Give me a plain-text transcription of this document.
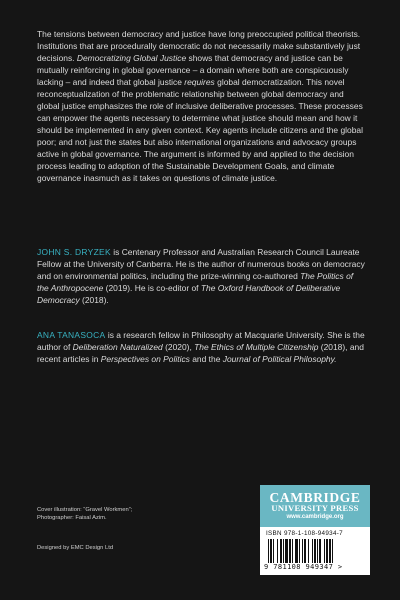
The tensions between democracy and justice have long preoccupied political theorists. Institutions that are procedurally democratic do not necessarily make substantively just decisions. Democratizing Global Justice shows that democracy and justice can be mutually reinforcing in global governance – a domain where both are conspicuously lacking – and indeed that global justice requires global democratization. This novel reconceptualization of the problematic relationship between global democracy and global justice emphasizes the role of inclusive deliberative processes. These processes can empower the agents necessary to determine what justice should mean and how it should be implemented in any given context. Key agents include citizens and the global poor; and not just the states but also international organizations and advocacy groups active in global governance. The argument is informed by and applied to the decision process leading to adoption of the Sustainable Development Goals, and climate governance inasmuch as it takes on questions of climate justice.

JOHN S. DRYZEK is Centenary Professor and Australian Research Council Laureate Fellow at the University of Canberra. He is the author of numerous books on democracy and on environmental politics, including the prize-winning co-authored The Politics of the Anthropocene (2019). He is co-editor of The Oxford Handbook of Deliberative Democracy (2018).

ANA TANASOCA is a research fellow in Philosophy at Macquarie University. She is the author of Deliberation Naturalized (2020), The Ethics of Multiple Citizenship (2018), and recent articles in Perspectives on Politics and the Journal of Political Philosophy.

Cover illustration: “Gravel Workmen”;
Photographer: Faisal Azim.
Designed by EMC Design Ltd
CAMBRIDGE
UNIVERSITY PRESS
www.cambridge.org
ISBN 978-1-108-94934-7
9 781108 949347 >
